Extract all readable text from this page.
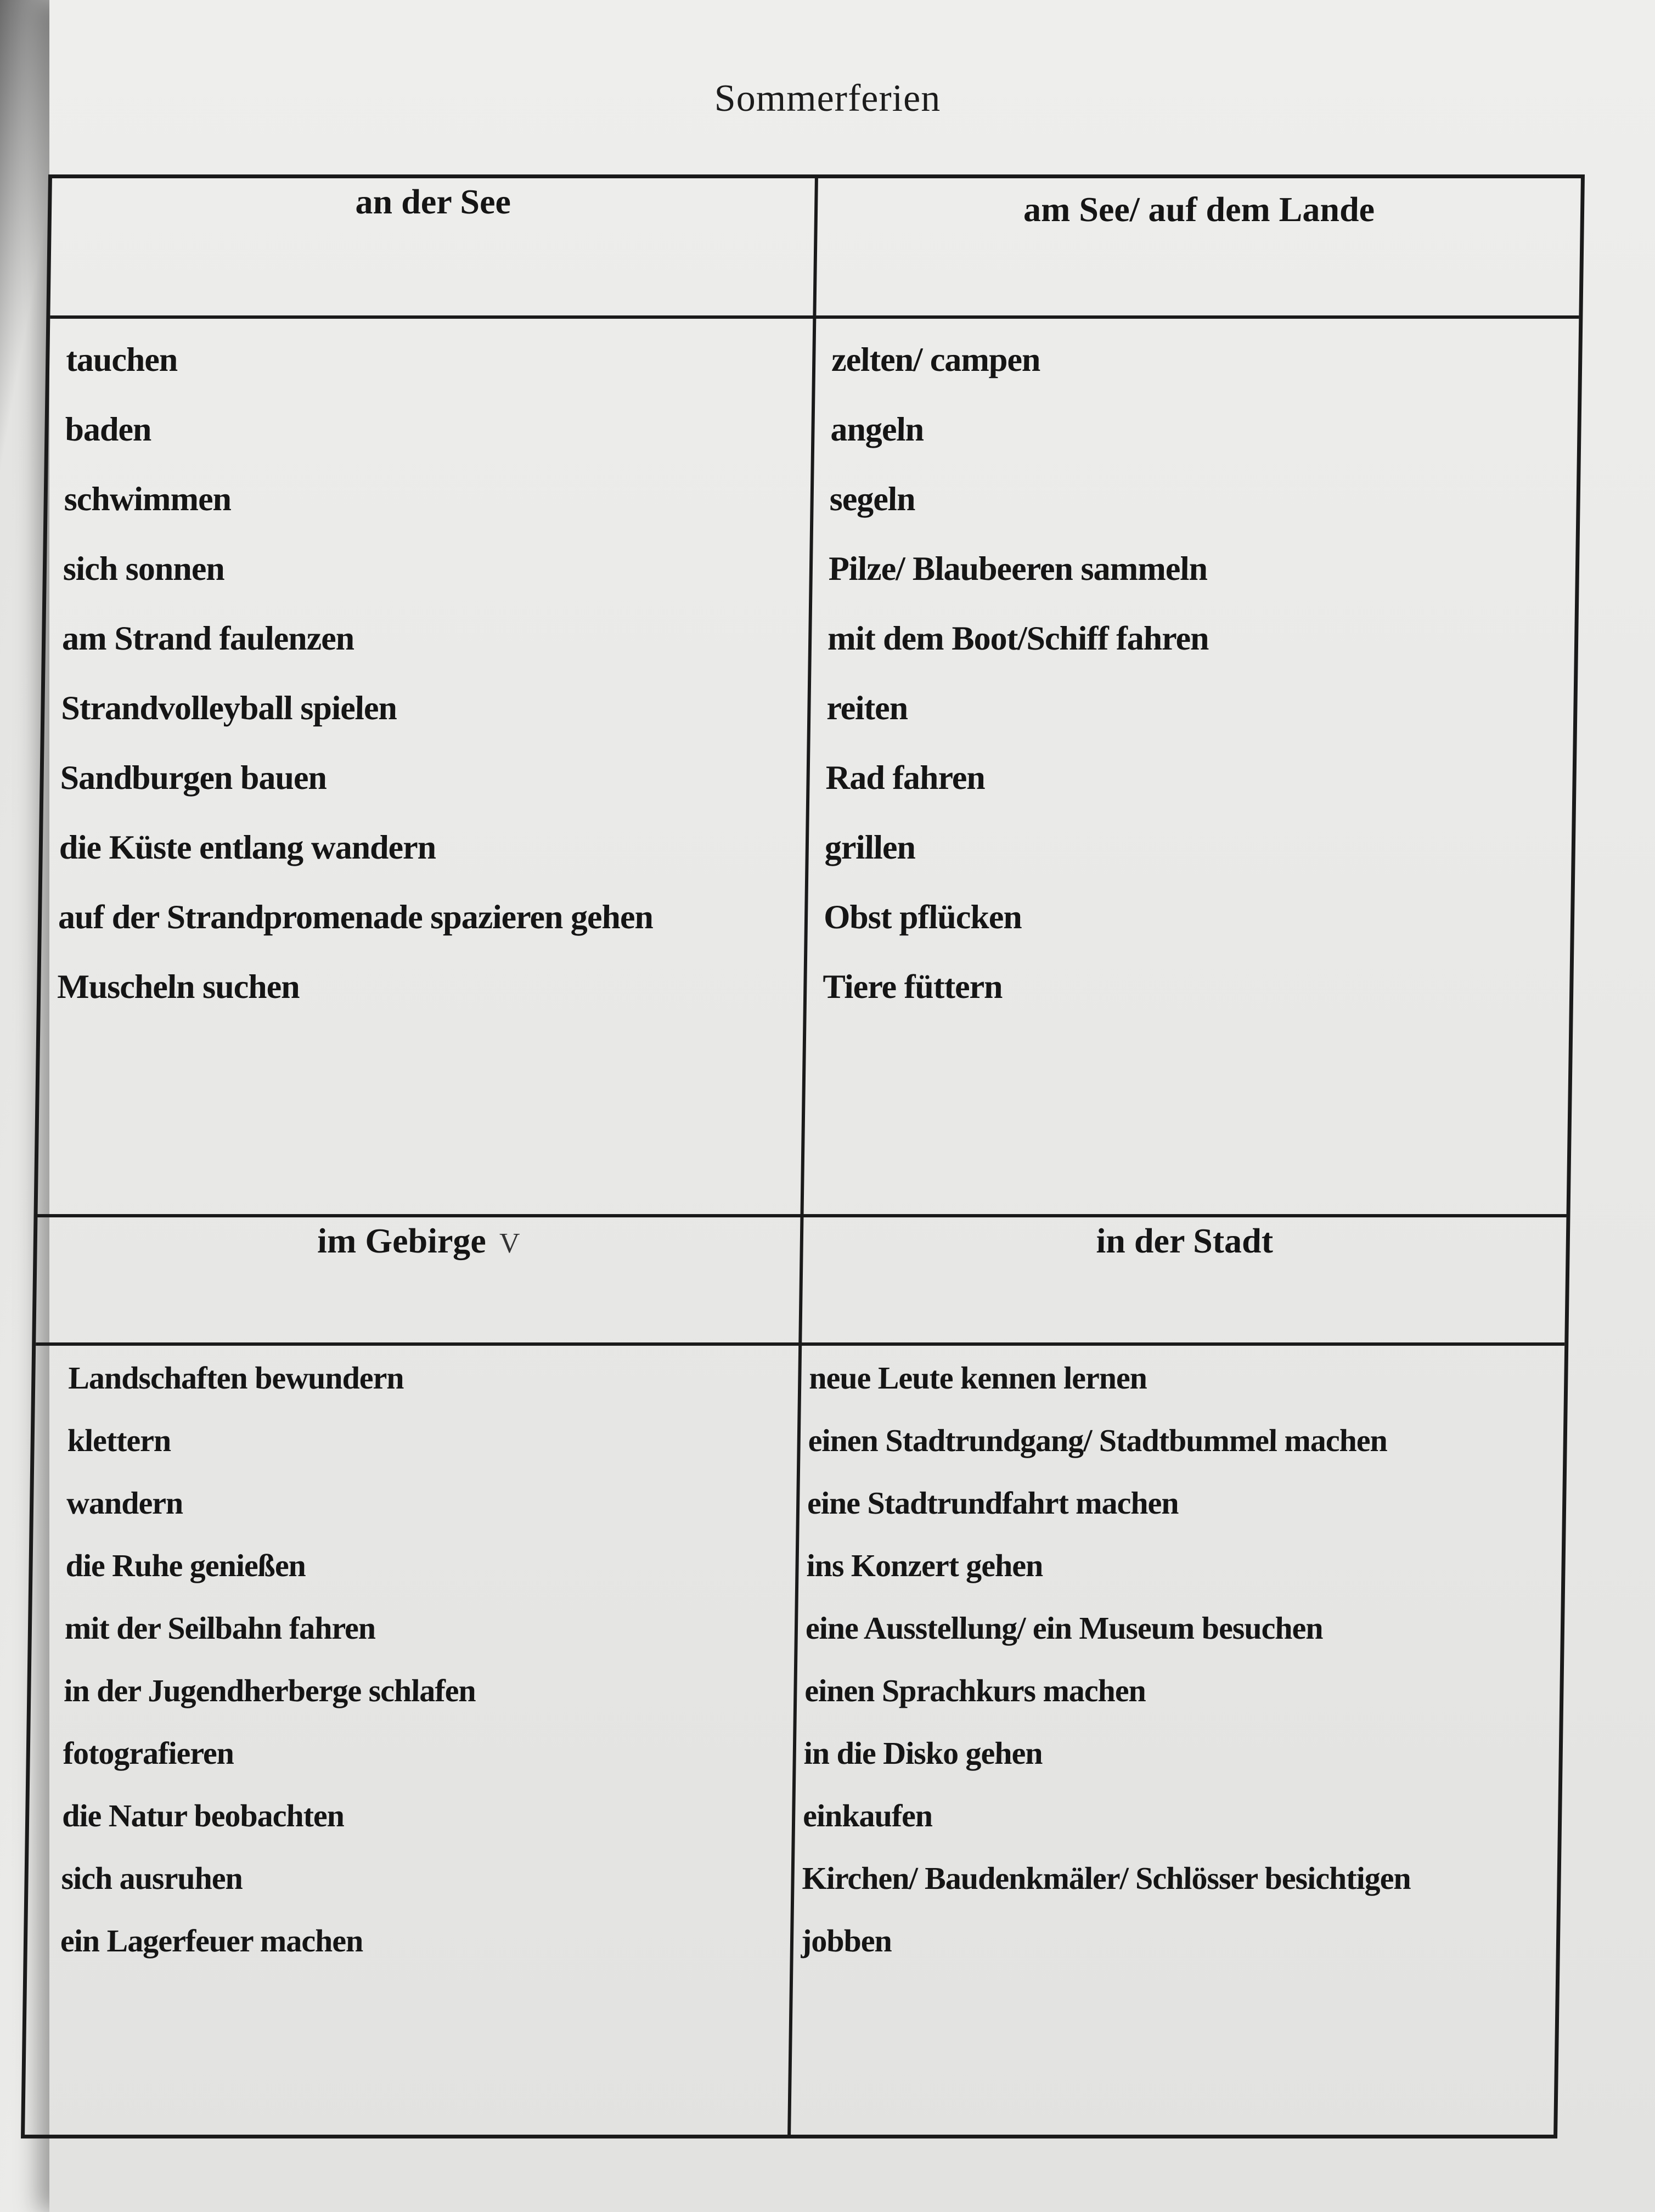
Sommerferien
an der See
tauchen
baden
schwimmen
sich sonnen
am Strand faulenzen
Strandvolleyball spielen
Sandburgen bauen
die Küste entlang wandern
auf der Strandpromenade spazieren gehen
Muscheln suchen
am See/ auf dem Lande
zelten/ campen
angeln
segeln
Pilze/ Blaubeeren sammeln
mit dem Boot/Schiff fahren
reiten
Rad fahren
grillen
Obst pflücken
Tiere füttern
im Gebirge V
Landschaften bewundern
klettern
wandern
die Ruhe genießen
mit der Seilbahn fahren
in der Jugendherberge schlafen
fotografieren
die Natur beobachten
sich ausruhen
ein Lagerfeuer machen
in der Stadt
neue Leute kennen lernen
einen Stadtrundgang/ Stadtbummel machen
eine Stadtrundfahrt machen
ins Konzert gehen
eine Ausstellung/ ein Museum besuchen
einen Sprachkurs machen
in die Disko gehen
einkaufen
Kirchen/ Baudenkmäler/ Schlösser besichtigen
jobben
